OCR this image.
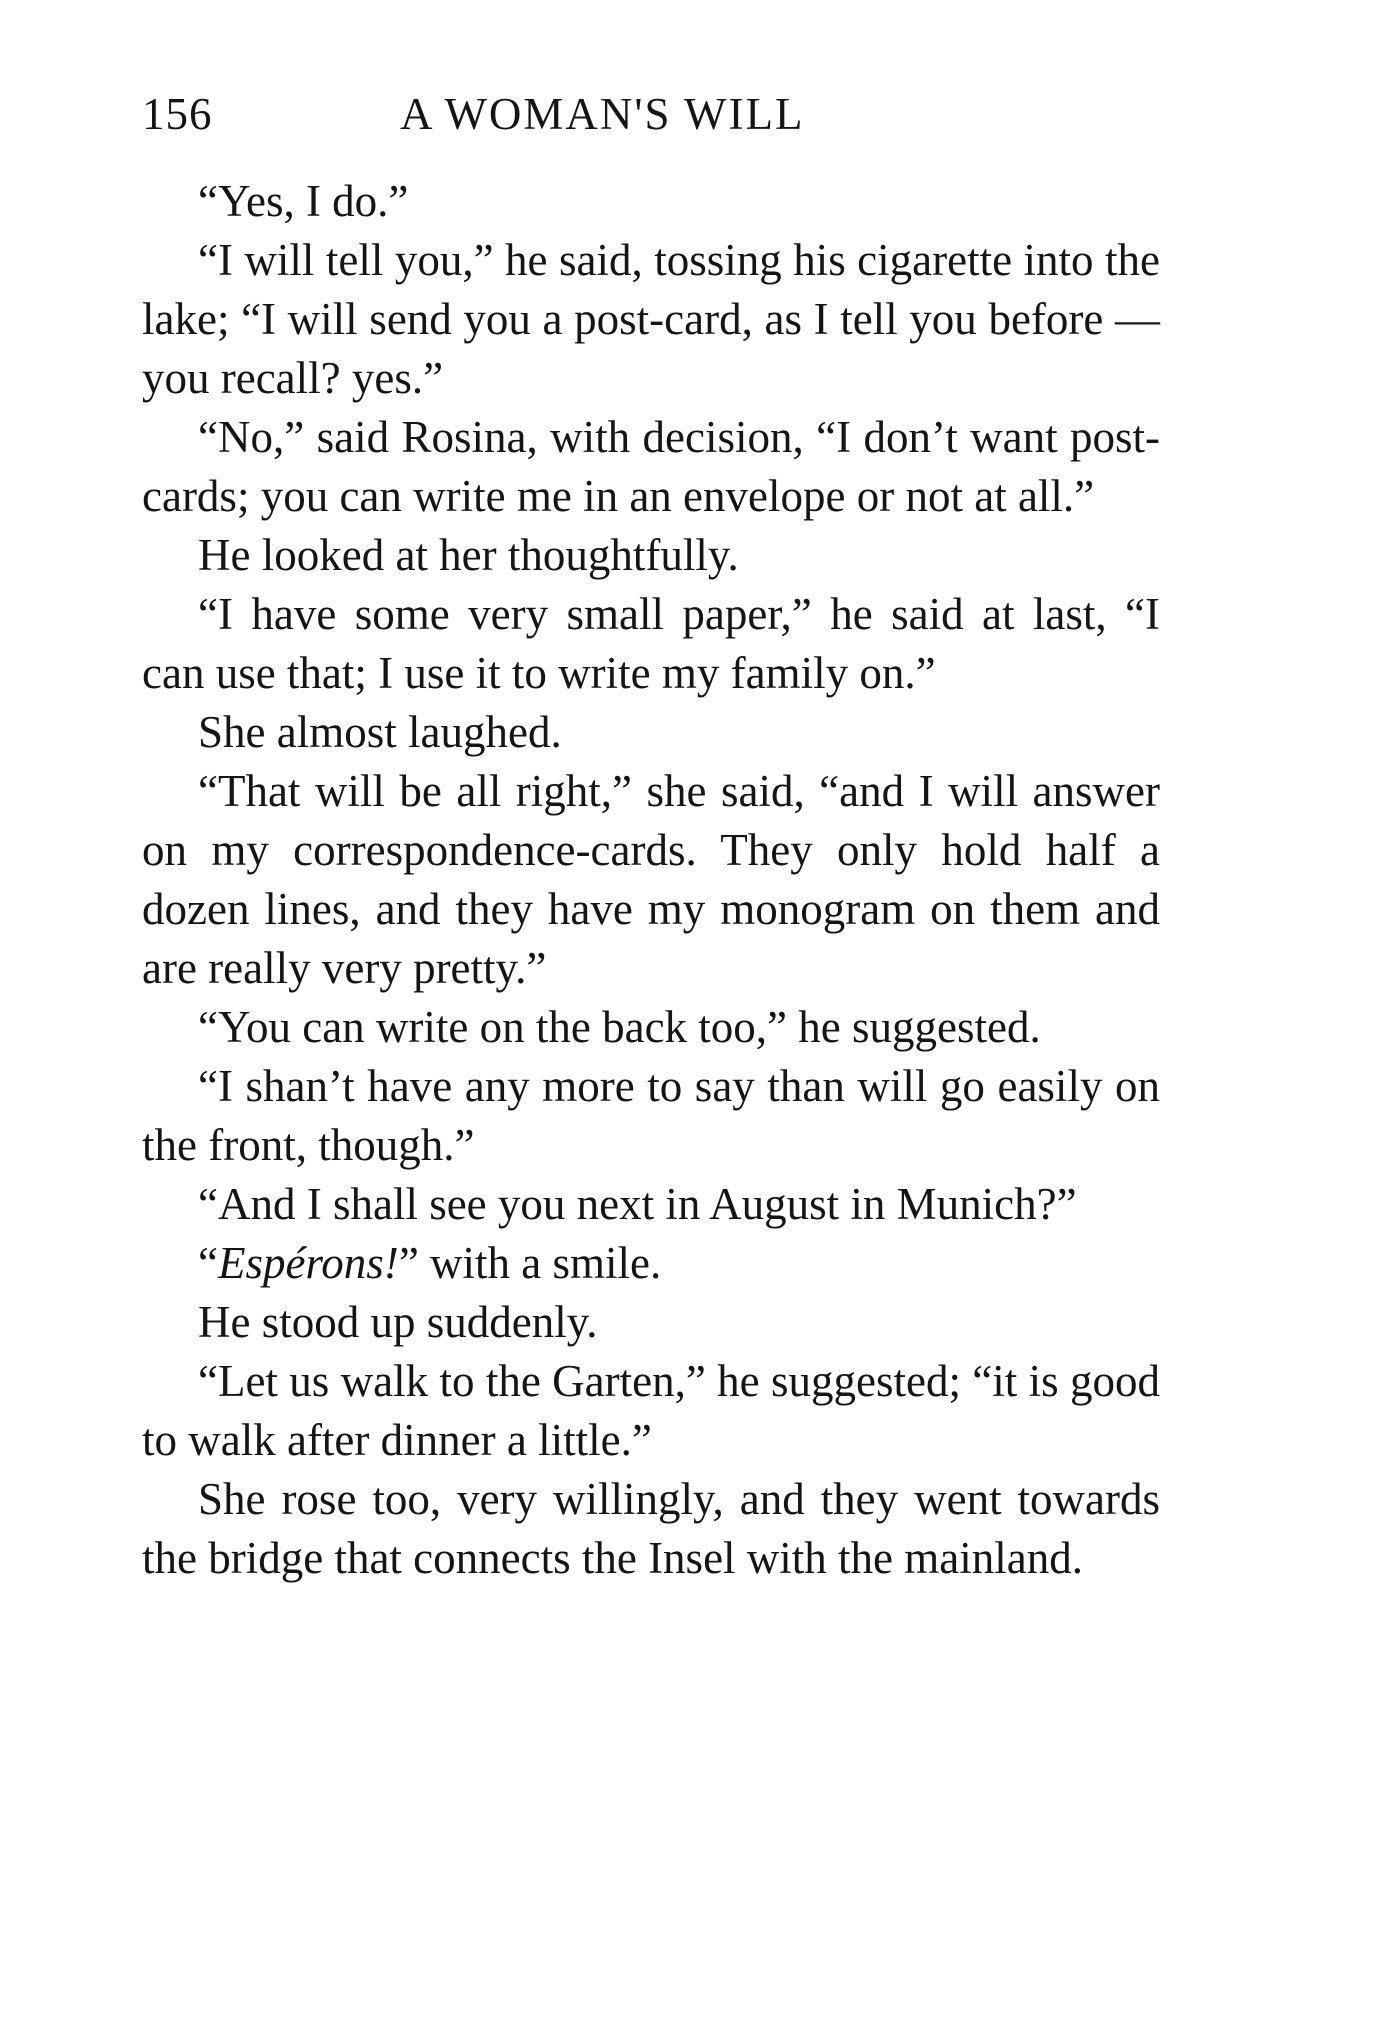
156	A WOMAN'S WILL

“Yes, I do.”

“I will tell you,” he said, tossing his cigarette into the lake; “I will send you a post-card, as I tell you before — you recall? yes.”

“No,” said Rosina, with decision, “I don’t want post-cards; you can write me in an envelope or not at all.”

He looked at her thoughtfully.

“I have some very small paper,” he said at last, “I can use that; I use it to write my family on.”

She almost laughed.

“That will be all right,” she said, “and I will answer on my correspondence-cards. They only hold half a dozen lines, and they have my monogram on them and are really very pretty.”

“You can write on the back too,” he suggested.

“I shan’t have any more to say than will go easily on the front, though.”

“And I shall see you next in August in Munich?”

“Espérons!” with a smile.

He stood up suddenly.

“Let us walk to the Garten,” he suggested; “it is good to walk after dinner a little.”

She rose too, very willingly, and they went towards the bridge that connects the Insel with the mainland.
